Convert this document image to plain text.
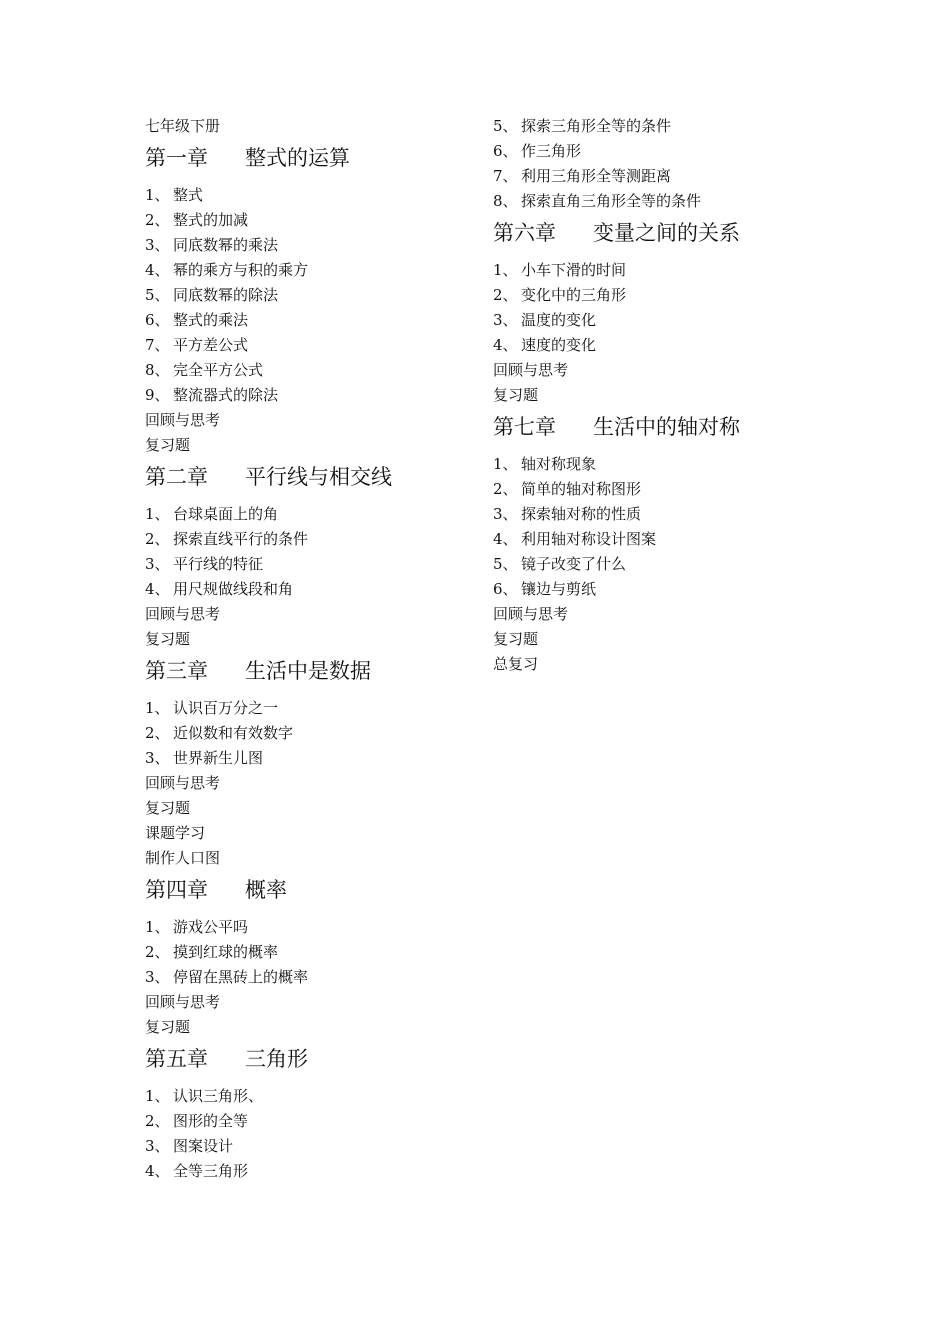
七年级下册
第一章 整式的运算
1、 整式
2、 整式的加减
3、 同底数幂的乘法
4、 幂的乘方与积的乘方
5、 同底数幂的除法
6、 整式的乘法
7、 平方差公式
8、 完全平方公式
9、 整流器式的除法
回顾与思考
复习题
第二章 平行线与相交线
1、 台球桌面上的角
2、 探索直线平行的条件
3、 平行线的特征
4、 用尺规做线段和角
回顾与思考
复习题
第三章 生活中是数据
1、 认识百万分之一
2、 近似数和有效数字
3、 世界新生儿图
回顾与思考
复习题
课题学习
制作人口图
第四章 概率
1、 游戏公平吗
2、 摸到红球的概率
3、 停留在黑砖上的概率
回顾与思考
复习题
第五章 三角形
1、 认识三角形、
2、 图形的全等
3、 图案设计
4、 全等三角形
5、 探索三角形全等的条件
6、 作三角形
7、 利用三角形全等测距离
8、 探索直角三角形全等的条件
第六章 变量之间的关系
1、 小车下滑的时间
2、 变化中的三角形
3、 温度的变化
4、 速度的变化
回顾与思考
复习题
第七章 生活中的轴对称
1、 轴对称现象
2、 简单的轴对称图形
3、 探索轴对称的性质
4、 利用轴对称设计图案
5、 镜子改变了什么
6、 镶边与剪纸
回顾与思考
复习题
总复习
